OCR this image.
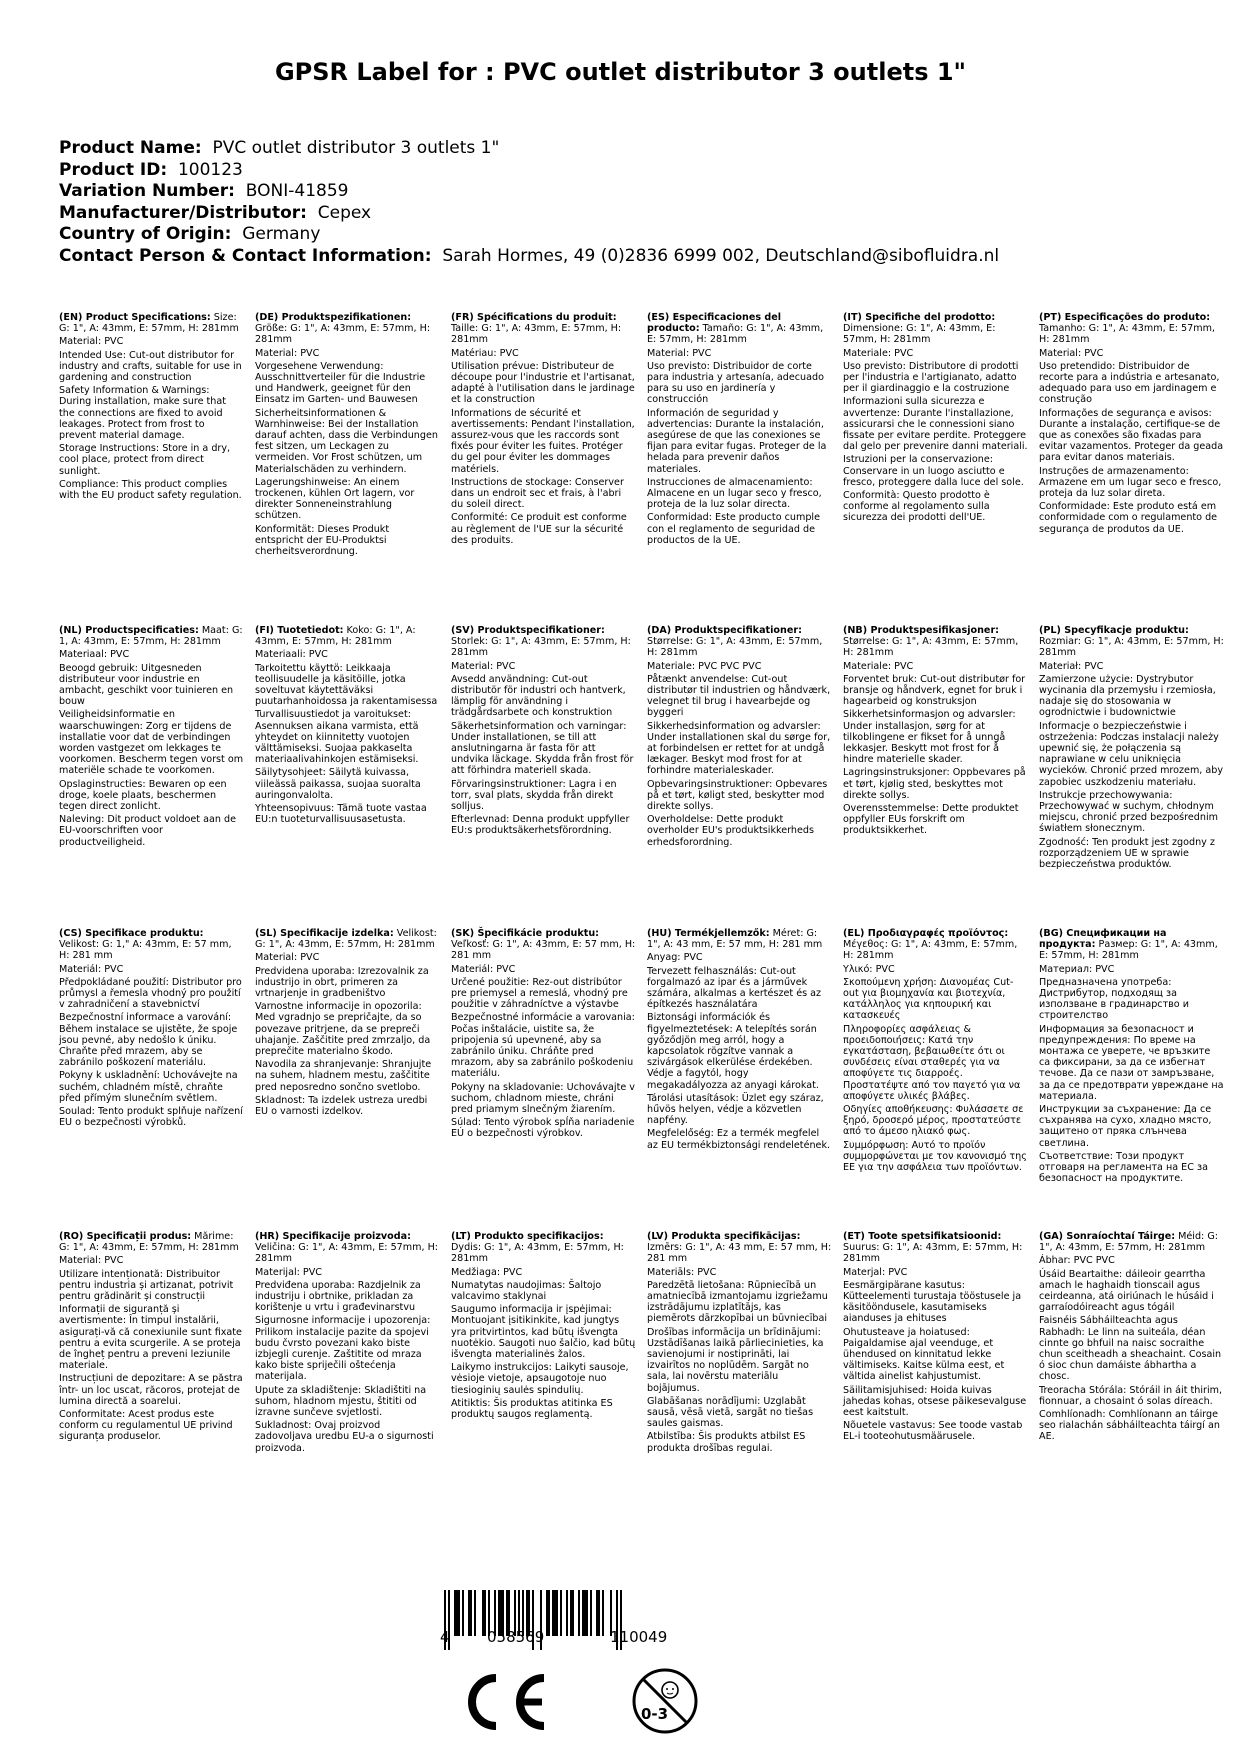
GPSR Label for : PVC outlet distributor 3 outlets 1"
Product Name: PVC outlet distributor 3 outlets 1"
Product ID: 100123
Variation Number: BONI-41859
Manufacturer/Distributor: Cepex
Country of Origin: Germany
Contact Person & Contact Information: Sarah Hormes, 49 (0)2836 6999 002, Deutschland@sibofluidra.nl

(EN) Product Specifications: Size: G: 1", A: 43mm, E: 57mm, H: 281mm

Material: PVC

Intended Use: Cut-out distributor for industry and crafts, suitable for use in gardening and construction

Safety Information & Warnings: During installation, make sure that the connections are fixed to avoid leakages. Protect from frost to prevent material damage.

Storage Instructions: Store in a dry, cool place, protect from direct sunlight.

Compliance: This product complies with the EU product safety regulation.

(DE) Produktspezifikationen: Größe: G: 1", A: 43mm, E: 57mm, H: 281mm

Material: PVC

Vorgesehene Verwendung: Ausschnittverteiler für die Industrie und Handwerk, geeignet für den Einsatz im Garten- und Bauwesen

Sicherheitsinformationen & Warnhinweise: Bei der Installation darauf achten, dass die Verbindungen fest sitzen, um Leckagen zu vermeiden. Vor Frost schützen, um Materialschäden zu verhindern.

Lagerungshinweise: An einem trockenen, kühlen Ort lagern, vor direkter Sonneneinstrahlung schützen.

Konformität: Dieses Produkt entspricht der EU-Produktsi cherheitsverordnung.

(FR) Spécifications du produit: Taille: G: 1", A: 43mm, E: 57mm, H: 281mm

Matériau: PVC

Utilisation prévue: Distributeur de découpe pour l'industrie et l'artisanat, adapté à l'utilisation dans le jardinage et la construction

Informations de sécurité et avertissements: Pendant l'installation, assurez-vous que les raccords sont fixés pour éviter les fuites. Protéger du gel pour éviter les dommages matériels.

Instructions de stockage: Conserver dans un endroit sec et frais, à l'abri du soleil direct.

Conformité: Ce produit est conforme au règlement de l'UE sur la sécurité des produits.

(ES) Especificaciones del producto: Tamaño: G: 1", A: 43mm, E: 57mm, H: 281mm

Material: PVC

Uso previsto: Distribuidor de corte para industria y artesanía, adecuado para su uso en jardinería y construcción

Información de seguridad y advertencias: Durante la instalación, asegúrese de que las conexiones se fijan para evitar fugas. Proteger de la helada para prevenir daños materiales.

Instrucciones de almacenamiento: Almacene en un lugar seco y fresco, proteja de la luz solar directa.

Conformidad: Este producto cumple con el reglamento de seguridad de productos de la UE.

(IT) Specifiche del prodotto: Dimensione: G: 1", A: 43mm, E: 57mm, H: 281mm

Materiale: PVC

Uso previsto: Distributore di prodotti per l'industria e l'artigianato, adatto per il giardinaggio e la costruzione

Informazioni sulla sicurezza e avvertenze: Durante l'installazione, assicurarsi che le connessioni siano fissate per evitare perdite. Proteggere dal gelo per prevenire danni materiali.

Istruzioni per la conservazione: Conservare in un luogo asciutto e fresco, proteggere dalla luce del sole.

Conformità: Questo prodotto è conforme al regolamento sulla sicurezza dei prodotti dell'UE.

(PT) Especificações do produto: Tamanho: G: 1", A: 43mm, E: 57mm, H: 281mm

Material: PVC

Uso pretendido: Distribuidor de recorte para a indústria e artesanato, adequado para uso em jardinagem e construção

Informações de segurança e avisos: Durante a instalação, certifique-se de que as conexões são fixadas para evitar vazamentos. Proteger da geada para evitar danos materiais.

Instruções de armazenamento: Armazene em um lugar seco e fresco, proteja da luz solar direta.

Conformidade: Este produto está em conformidade com o regulamento de segurança de produtos da UE.

(NL) Productspecificaties: Maat: G: 1, A: 43mm, E: 57mm, H: 281mm

Materiaal: PVC

Beoogd gebruik: Uitgesneden distributeur voor industrie en ambacht, geschikt voor tuinieren en bouw

Veiligheidsinformatie en waarschuwingen: Zorg er tijdens de installatie voor dat de verbindingen worden vastgezet om lekkages te voorkomen. Bescherm tegen vorst om materiële schade te voorkomen.

Opslaginstructies: Bewaren op een droge, koele plaats, beschermen tegen direct zonlicht.

Naleving: Dit product voldoet aan de EU-voorschriften voor productveiligheid.

(FI) Tuotetiedot: Koko: G: 1", A: 43mm, E: 57mm, H: 281mm

Materiaali: PVC

Tarkoitettu käyttö: Leikkaaja teollisuudelle ja käsitöille, jotka soveltuvat käytettäväksi puutarhanhoidossa ja rakentamisessa

Turvallisuustiedot ja varoitukset: Asennuksen aikana varmista, että yhteydet on kiinnitetty vuotojen välttämiseksi. Suojaa pakkaselta materiaalivahinkojen estämiseksi.

Säilytysohjeet: Säilytä kuivassa, viileässä paikassa, suojaa suoralta auringonvalolta.

Yhteensopivuus: Tämä tuote vastaa EU:n tuoteturvallisuusasetusta.

(SV) Produktspecifikationer: Storlek: G: 1", A: 43mm, E: 57mm, H: 281mm

Material: PVC

Avsedd användning: Cut-out distributör för industri och hantverk, lämplig för användning i trädgårdsarbete och konstruktion

Säkerhetsinformation och varningar: Under installationen, se till att anslutningarna är fasta för att undvika läckage. Skydda från frost för att förhindra materiell skada.

Förvaringsinstruktioner: Lagra i en torr, sval plats, skydda från direkt solljus.

Efterlevnad: Denna produkt uppfyller EU:s produktsäkerhetsförordning.

(DA) Produktspecifikationer: Størrelse: G: 1", A: 43mm, E: 57mm, H: 281mm

Materiale: PVC PVC PVC

Påtænkt anvendelse: Cut-out distributør til industrien og håndværk, velegnet til brug i havearbejde og byggeri

Sikkerhedsinformation og advarsler: Under installationen skal du sørge for, at forbindelsen er rettet for at undgå lækager. Beskyt mod frost for at forhindre materialeskader.

Opbevaringsinstruktioner: Opbevares på et tørt, køligt sted, beskytter mod direkte sollys.

Overholdelse: Dette produkt overholder EU's produktsikkerheds erhedsforordning.

(NB) Produktspesifikasjoner: Størrelse: G: 1", A: 43mm, E: 57mm, H: 281mm

Materiale: PVC

Forventet bruk: Cut-out distributør for bransje og håndverk, egnet for bruk i hagearbeid og konstruksjon

Sikkerhetsinformasjon og advarsler: Under installasjon, sørg for at tilkoblingene er fikset for å unngå lekkasjer. Beskytt mot frost for å hindre materielle skader.

Lagringsinstruksjoner: Oppbevares på et tørt, kjølig sted, beskyttes mot direkte sollys.

Overensstemmelse: Dette produktet oppfyller EUs forskrift om produktsikkerhet.

(PL) Specyfikacje produktu: Rozmiar: G: 1", A: 43mm, E: 57mm, H: 281mm

Materiał: PVC

Zamierzone użycie: Dystrybutor wycinania dla przemysłu i rzemiosła, nadaje się do stosowania w ogrodnictwie i budownictwie

Informacje o bezpieczeństwie i ostrzeżenia: Podczas instalacji należy upewnić się, że połączenia są naprawiane w celu uniknięcia wycieków. Chronić przed mrozem, aby zapobiec uszkodzeniu materiału.

Instrukcje przechowywania: Przechowywać w suchym, chłodnym miejscu, chronić przed bezpośrednim światłem słonecznym.

Zgodność: Ten produkt jest zgodny z rozporządzeniem UE w sprawie bezpieczeństwa produktów.

(CS) Specifikace produktu: Velikost: G: 1," A: 43mm, E: 57 mm, H: 281 mm

Materiál: PVC

Předpokládané použití: Distributor pro průmysl a řemesla vhodný pro použití v zahradničení a stavebnictví

Bezpečnostní informace a varování: Během instalace se ujistěte, že spoje jsou pevné, aby nedošlo k úniku. Chraňte před mrazem, aby se zabránilo poškození materiálu.

Pokyny k uskladnění: Uchovávejte na suchém, chladném místě, chraňte před přímým slunečním světlem.

Soulad: Tento produkt splňuje nařízení EU o bezpečnosti výrobků.

(SL) Specifikacije izdelka: Velikost: G: 1", A: 43mm, E: 57mm, H: 281mm

Material: PVC

Predvidena uporaba: Izrezovalnik za industrijo in obrt, primeren za vrtnarjenje in gradbeništvo

Varnostne informacije in opozorila: Med vgradnjo se prepričajte, da so povezave pritrjene, da se prepreči uhajanje. Zaščitite pred zmrzaljo, da preprečite materialno škodo.

Navodila za shranjevanje: Shranjujte na suhem, hladnem mestu, zaščitite pred neposredno sončno svetlobo.

Skladnost: Ta izdelek ustreza uredbi EU o varnosti izdelkov.

(SK) Špecifikácie produktu: Veľkosť: G: 1", A: 43mm, E: 57 mm, H: 281 mm

Materiál: PVC

Určené použitie: Rez-out distribútor pre priemysel a remeslá, vhodný pre použitie v záhradníctve a výstavbe

Bezpečnostné informácie a varovania: Počas inštalácie, uistite sa, že pripojenia sú upevnené, aby sa zabránilo úniku. Chráňte pred mrazom, aby sa zabránilo poškodeniu materiálu.

Pokyny na skladovanie: Uchovávajte v suchom, chladnom mieste, chráni pred priamym slnečným žiarením.

Súlad: Tento výrobok spĺňa nariadenie EÚ o bezpečnosti výrobkov.

(HU) Termékjellemzők: Méret: G: 1", A: 43 mm, E: 57 mm, H: 281 mm

Anyag: PVC

Tervezett felhasználás: Cut-out forgalmazó az ipar és a járművek számára, alkalmas a kertészet és az építkezés használatára

Biztonsági információk és figyelmeztetések: A telepítés során győződjön meg arról, hogy a kapcsolatok rögzítve vannak a szivárgások elkerülése érdekében. Védje a fagytól, hogy megakadályozza az anyagi károkat.

Tárolási utasítások: Üzlet egy száraz, hűvös helyen, védje a közvetlen napfény.

Megfelelőség: Ez a termék megfelel az EU termékbiztonsági rendeletének.

(EL) Προδιαγραφές προϊόντος: Μέγεθος: G: 1", A: 43mm, E: 57mm, H: 281mm

Υλικό: PVC

Σκοπούμενη χρήση: Διανομέας Cut-out για βιομηχανία και βιοτεχνία, κατάλληλος για κηπουρική και κατασκευές

Πληροφορίες ασφάλειας & προειδοποιήσεις: Κατά την εγκατάσταση, βεβαιωθείτε ότι οι συνδέσεις είναι σταθερές για να αποφύγετε τις διαρροές. Προστατέψτε από τον παγετό για να αποφύγετε υλικές βλάβες.

Οδηγίες αποθήκευσης: Φυλάσσετε σε ξηρό, δροσερό μέρος, προστατεύστε από το άμεσο ηλιακό φως.

Συμμόρφωση: Αυτό το προϊόν συμμορφώνεται με τον κανονισμό της ΕΕ για την ασφάλεια των προϊόντων.

(BG) Спецификации на продукта: Размер: G: 1", A: 43mm, E: 57mm, H: 281mm

Материал: PVC

Предназначена употреба: Дистрибутор, подходящ за използване в градинарство и строителство

Информация за безопасност и предупреждения: По време на монтажа се уверете, че връзките са фиксирани, за да се избегнат течове. Да се пази от замръзване, за да се предотврати увреждане на материала.

Инструкции за съхранение: Да се съхранява на сухо, хладно място, защитено от пряка слънчева светлина.

Съответствие: Този продукт отговаря на регламента на ЕС за безопасност на продуктите.

(RO) Specificații produs: Mărime: G: 1", A: 43mm, E: 57mm, H: 281mm

Material: PVC

Utilizare intenționată: Distribuitor pentru industria și artizanat, potrivit pentru grădinărit și construcții

Informații de siguranță și avertismente: În timpul instalării, asigurați-vă că conexiunile sunt fixate pentru a evita scurgerile. A se proteja de îngheț pentru a preveni leziunile materiale.

Instrucțiuni de depozitare: A se păstra într- un loc uscat, răcoros, protejat de lumina directă a soarelui.

Conformitate: Acest produs este conform cu regulamentul UE privind siguranța produselor.

(HR) Specifikacije proizvoda: Veličina: G: 1", A: 43mm, E: 57mm, H: 281mm

Materijal: PVC

Predviđena uporaba: Razdjelnik za industriju i obrtnike, prikladan za korištenje u vrtu i građevinarstvu

Sigurnosne informacije i upozorenja: Prilikom instalacije pazite da spojevi budu čvrsto povezani kako biste izbjegli curenje. Zaštitite od mraza kako biste spriječili oštećenja materijala.

Upute za skladištenje: Skladištiti na suhom, hladnom mjestu, štititi od izravne sunčeve svjetlosti.

Sukladnost: Ovaj proizvod zadovoljava uredbu EU-a o sigurnosti proizvoda.

(LT) Produkto specifikacijos: Dydis: G: 1", A: 43mm, E: 57mm, H: 281mm

Medžiaga: PVC

Numatytas naudojimas: Šaltojo valcavimo staklynai

Saugumo informacija ir įspėjimai: Montuojant įsitikinkite, kad jungtys yra pritvirtintos, kad būtų išvengta nuotėkio. Saugoti nuo šalčio, kad būtų išvengta materialinės žalos.

Laikymo instrukcijos: Laikyti sausoje, vėsioje vietoje, apsaugotoje nuo tiesioginių saulės spindulių.

Atitiktis: Šis produktas atitinka ES produktų saugos reglamentą.

(LV) Produkta specifikācijas: Izmērs: G: 1", A: 43 mm, E: 57 mm, H: 281 mm

Materiāls: PVC

Paredzētā lietošana: Rūpniecībā un amatniecībā izmantojamu izgriežamu izstrādājumu izplatītājs, kas piemērots dārzkopībai un būvniecībai

Drošības informācija un brīdinājumi: Uzstādīšanas laikā pārliecinieties, ka savienojumi ir nostiprināti, lai izvairītos no noplūdēm. Sargāt no sala, lai novērstu materiālu bojājumus.

Glabāšanas norādījumi: Uzglabāt sausā, vēsā vietā, sargāt no tiešas saules gaismas.

Atbilstība: Šis produkts atbilst ES produkta drošības regulai.

(ET) Toote spetsifikatsioonid: Suurus: G: 1", A: 43mm, E: 57mm, H: 281mm

Materjal: PVC

Eesmärgipärane kasutus: Kütteelementi turustaja tööstusele ja käsitööndusele, kasutamiseks aianduses ja ehituses

Ohutusteave ja hoiatused: Paigaldamise ajal veenduge, et ühendused on kinnitatud lekke vältimiseks. Kaitse külma eest, et vältida ainelist kahjustumist.

Säilitamisjuhised: Hoida kuivas jahedas kohas, otsese päikesevalguse eest kaitstult.

Nõuetele vastavus: See toode vastab EL-i tooteohutusmäärusele.

(GA) Sonraíochtaí Táirge: Méid: G: 1", A: 43mm, E: 57mm, H: 281mm

Ábhar: PVC PVC

Úsáid Beartaithe: dáileoir gearrtha amach le haghaidh tionscail agus ceirdeanna, atá oiriúnach le húsáid i garraíodóireacht agus tógáil

Faisnéis Sábháilteachta agus Rabhadh: Le linn na suiteála, déan cinnte go bhfuil na naisc socraithe chun sceitheadh a sheachaint. Cosain ó sioc chun damáiste ábhartha a chosc.

Treoracha Stórála: Stóráil in áit thirim, fionnuar, a chosaint ó solas díreach.

Comhlíonadh: Comhlíonann an táirge seo rialachán sábháilteachta táirgí an AE.

4 058569	110049
0-3
